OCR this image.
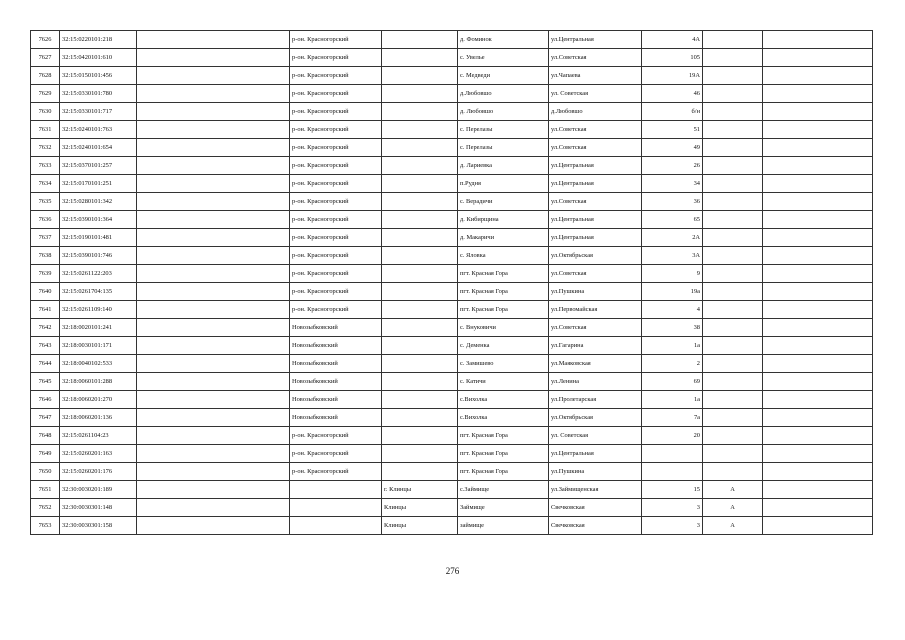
7626	32:15:0220101:218		р-он. Красногорский		д. Фоминок	ул.Центральная	4А		
7627	32:15:0420101:610		р-он. Красногорский		с. Увелье	ул.Советская	105		
7628	32:15:0150101:456		р-он. Красногорский		с. Медведи	ул.Чапаева	19А		
7629	32:15:0330101:780		р-он. Красногорский		д.Любовшо	ул. Советская	46		
7630	32:15:0330101:717		р-он. Красногорский		д. Любовшо	д.Любовшо	б/н		
7631	32:15:0240101:763		р-он. Красногорский		с. Перелазы	ул.Советская	51		
7632	32:15:0240101:654		р-он. Красногорский		с. Перелазы	ул.Советская	49		
7633	32:15:0370101:257		р-он. Красногорский		д. Лариевка	ул.Центральная	26		
7634	32:15:0170101:251		р-он. Красногорский		п.Рудня	ул.Центральная	34		
7635	32:15:0280101:342		р-он. Красногорский		с. Верадичи	ул.Советская	36		
7636	32:15:0390101:364		р-он. Красногорский		д. Кибирщина	ул.Центральная	65		
7637	32:15:0190101:481		р-он. Красногорский		д. Макаричи	ул.Центральная	2А		
7638	32:15:0390101:746		р-он. Красногорский		с. Яловка	ул.Октябрьская	3А		
7639	32:15:0261122:203		р-он. Красногорский		пгт. Красная Гора	ул.Советская	9		
7640	32:15:0261704:135		р-он. Красногорский		пгт. Красная Гора	ул.Пушкина	19а		
7641	32:15:0261109:140		р-он. Красногорский		пгт. Красная Гора	ул.Первомайская	4		
7642	32:18:0020101:241		Новозыбковский		с. Внуковичи	ул.Советская	38		
7643	32:18:0030101:171		Новозыбковский		с. Деменка	ул.Гагарина	1а		
7644	32:18:0040102:533		Новозыбковский		с. Замишево	ул.Маяковская	2		
7645	32:18:0060101:288		Новозыбковский		с. Катичи	ул.Ленина	69		
7646	32:18:0060201:270		Новозыбковский		с.Вихолка	ул.Пролетарская	1а		
7647	32:18:0060201:136		Новозыбковский		с.Вихолка	ул.Октябрьская	7а		
7648	32:15:0261104:23		р-он. Красногорский		пгт. Красная Гора	ул. Советская	20		
7649	32:15:0260201:163		р-он. Красногорский		пгт. Красная Гора	ул.Центральная			
7650	32:15:0260201:176		р-он. Красногорский		пгт. Красная Гора	ул.Пушкина			
7651	32:30:0030201:189			г. Клинцы	с.Займище	ул.Займищенская	15	А	
7652	32:30:0030301:148			Клинцы	Займище	Свечковская	3	А	
7653	32:30:0030301:158			Клинцы	займище	Свечковская	3	А	
276
